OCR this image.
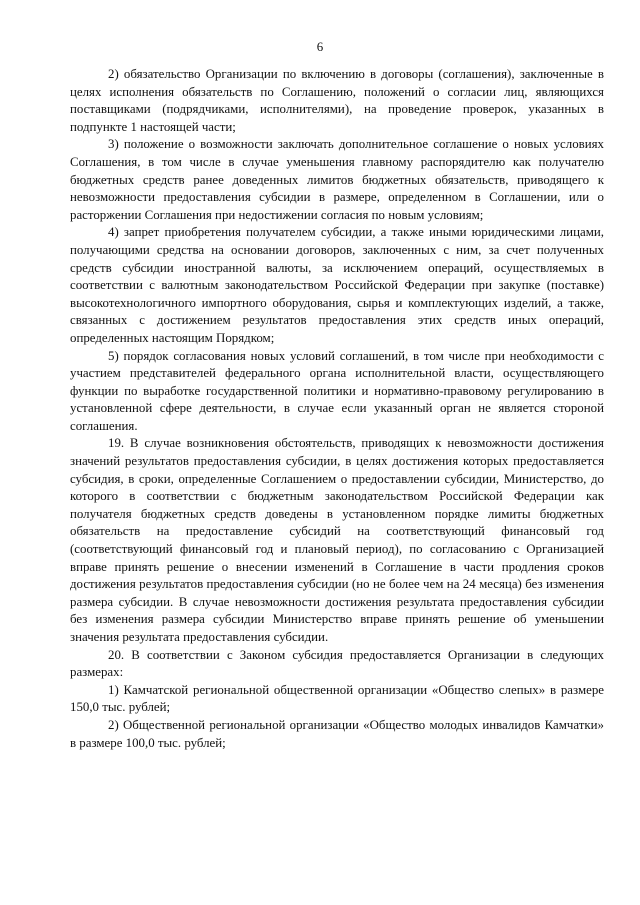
6

2) обязательство Организации по включению в договоры (соглашения), заключенные в целях исполнения обязательств по Соглашению, положений о согласии лиц, являющихся поставщиками (подрядчиками, исполнителями), на проведение проверок, указанных в подпункте 1 настоящей части;

3) положение о возможности заключать дополнительное соглашение о новых условиях Соглашения, в том числе в случае уменьшения главному распорядителю как получателю бюджетных средств ранее доведенных лимитов бюджетных обязательств, приводящего к невозможности предоставления субсидии в размере, определенном в Соглашении, или о расторжении Соглашения при недостижении согласия по новым условиям;

4) запрет приобретения получателем субсидии, а также иными юридическими лицами, получающими средства на основании договоров, заключенных с ним, за счет полученных средств субсидии иностранной валюты, за исключением операций, осуществляемых в соответствии с валютным законодательством Российской Федерации при закупке (поставке) высокотехнологичного импортного оборудования, сырья и комплектующих изделий, а также, связанных с достижением результатов предоставления этих средств иных операций, определенных настоящим Порядком;

5) порядок согласования новых условий соглашений, в том числе при необходимости с участием представителей федерального органа исполнительной власти, осуществляющего функции по выработке государственной политики и нормативно-правовому регулированию в установленной сфере деятельности, в случае если указанный орган не является стороной соглашения.

19. В случае возникновения обстоятельств, приводящих к невозможности достижения значений результатов предоставления субсидии, в целях достижения которых предоставляется субсидия, в сроки, определенные Соглашением о предоставлении субсидии, Министерство, до которого в соответствии с бюджетным законодательством Российской Федерации как получателя бюджетных средств доведены в установленном порядке лимиты бюджетных обязательств на предоставление субсидий на соответствующий финансовый год (соответствующий финансовый год и плановый период), по согласованию с Организацией вправе принять решение о внесении изменений в Соглашение в части продления сроков достижения результатов предоставления субсидии (но не более чем на 24 месяца) без изменения размера субсидии. В случае невозможности достижения результата предоставления субсидии без изменения размера субсидии Министерство вправе принять решение об уменьшении значения результата предоставления субсидии.

20. В соответствии с Законом субсидия предоставляется Организации в следующих размерах:

1) Камчатской региональной общественной организации «Общество слепых» в размере 150,0 тыс. рублей;

2) Общественной региональной организации «Общество молодых инвалидов Камчатки» в размере 100,0 тыс. рублей;
